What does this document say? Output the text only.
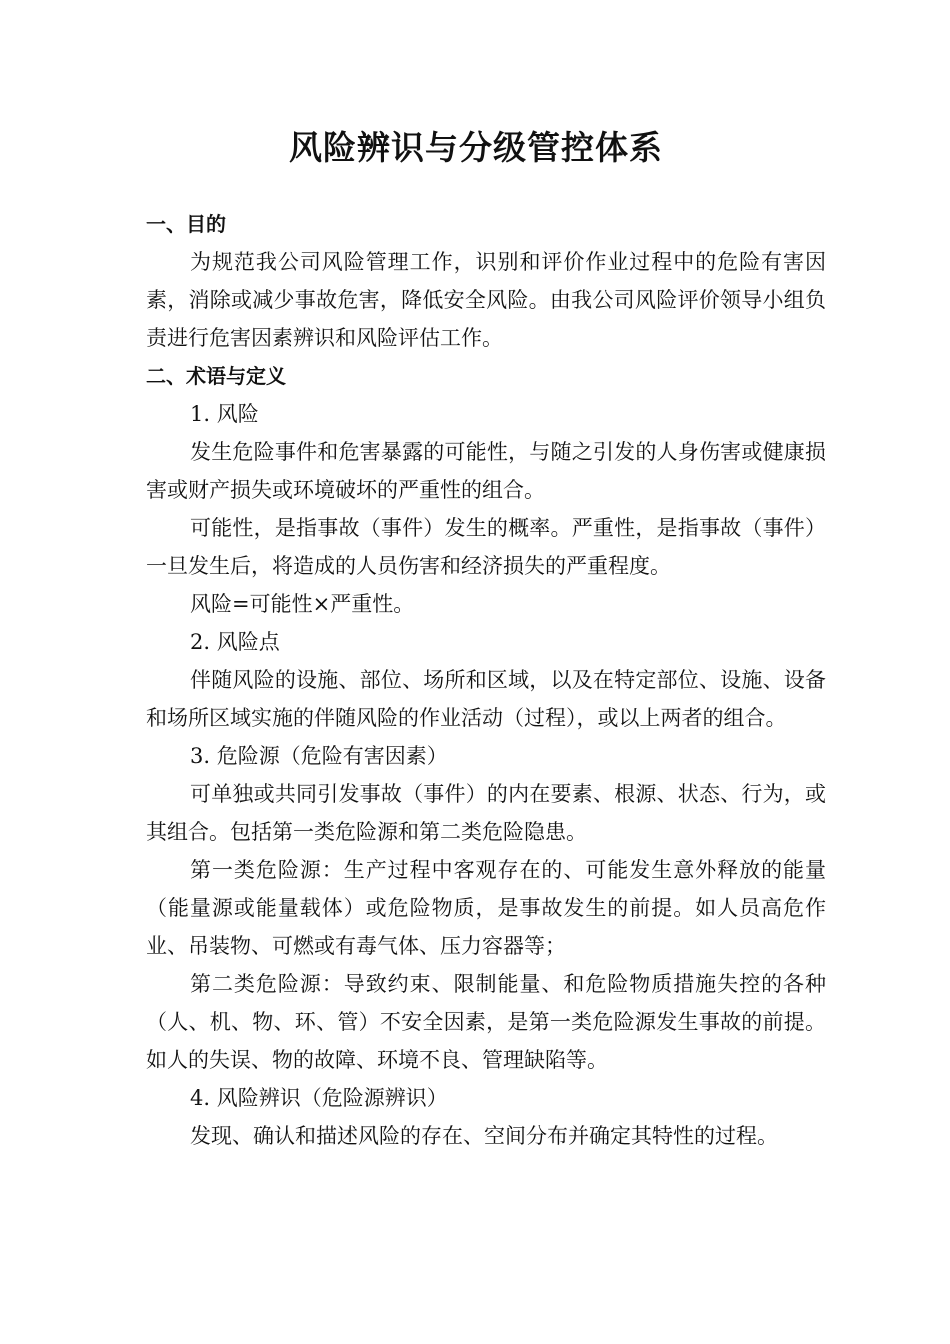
风险辨识与分级管控体系

一、目的

为规范我公司风险管理工作，识别和评价作业过程中的危险有害因素，消除或减少事故危害，降低安全风险。由我公司风险评价领导小组负责进行危害因素辨识和风险评估工作。

二、术语与定义

1. 风险

发生危险事件和危害暴露的可能性，与随之引发的人身伤害或健康损害或财产损失或环境破坏的严重性的组合。

可能性，是指事故（事件）发生的概率。严重性，是指事故（事件）一旦发生后，将造成的人员伤害和经济损失的严重程度。

风险=可能性×严重性。

2. 风险点

伴随风险的设施、部位、场所和区域，以及在特定部位、设施、设备和场所区域实施的伴随风险的作业活动（过程），或以上两者的组合。

3. 危险源（危险有害因素）

可单独或共同引发事故（事件）的内在要素、根源、状态、行为，或其组合。包括第一类危险源和第二类危险隐患。

第一类危险源：生产过程中客观存在的、可能发生意外释放的能量（能量源或能量载体）或危险物质，是事故发生的前提。如人员高危作业、吊装物、可燃或有毒气体、压力容器等；

第二类危险源：导致约束、限制能量、和危险物质措施失控的各种（人、机、物、环、管）不安全因素，是第一类危险源发生事故的前提。如人的失误、物的故障、环境不良、管理缺陷等。

4. 风险辨识（危险源辨识）

发现、确认和描述风险的存在、空间分布并确定其特性的过程。
